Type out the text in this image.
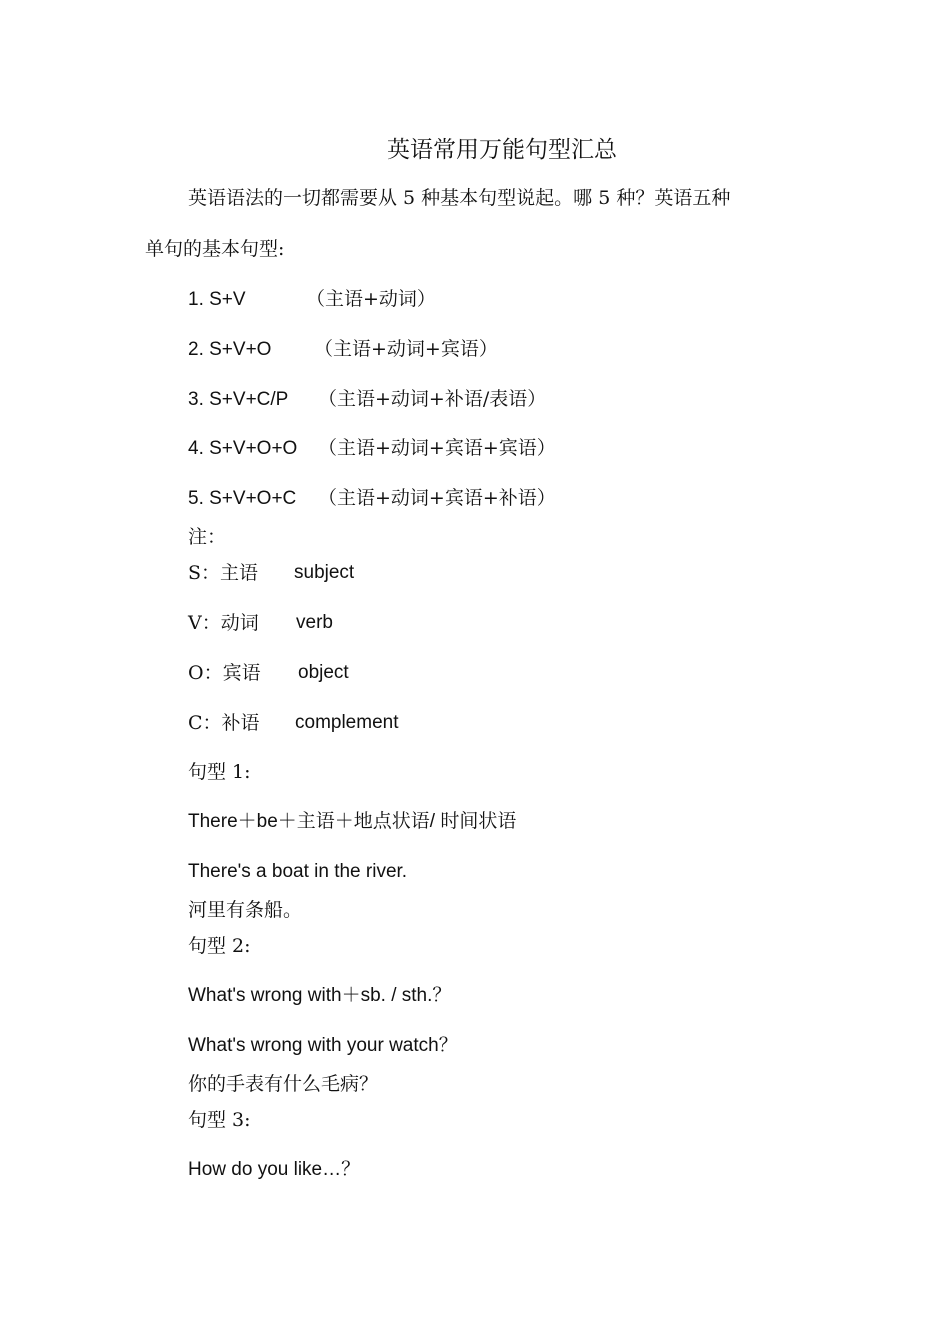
英语常用万能句型汇总
英语语法的一切都需要从 5 种基本句型说起。哪 5 种？英语五种
单句的基本句型:
1. S+V	（主语+动词）
2. S+V+O （主语+动词+宾语）
3. S+V+C/P （主语+动词+补语/表语）
4. S+V+O+O （主语+动词+宾语+宾语）
5. S+V+O+C （主语+动词+宾语+补语）
注：
S：主语 subject
V：动词 verb
O：宾语 object
C：补语 complement
句型 1:
There＋be＋主语＋地点状语/ 时间状语
There's a boat in the river.
河里有条船。
句型 2:
What's wrong with＋sb. / sth.？
What's wrong with your watch？
你的手表有什么毛病？
句型 3:
How do you like…？
